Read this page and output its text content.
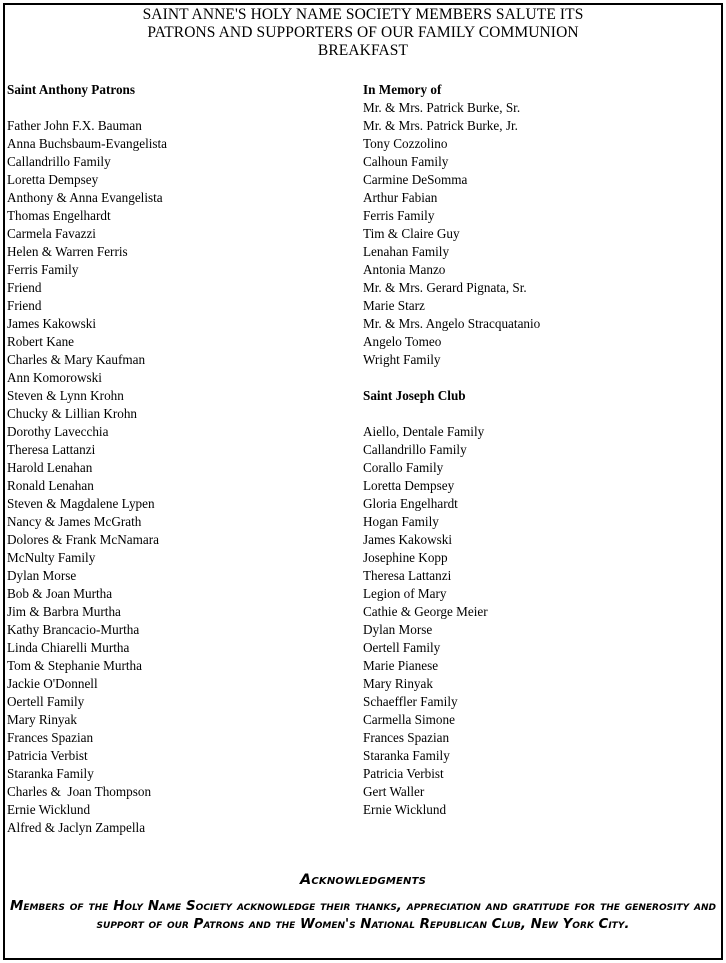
SAINT ANNE'S HOLY NAME SOCIETY MEMBERS SALUTE ITS
PATRONS AND SUPPORTERS OF OUR FAMILY COMMUNION
BREAKFAST
Saint Anthony Patrons
Father John F.X. Bauman
Anna Buchsbaum-Evangelista
Callandrillo Family
Loretta Dempsey
Anthony & Anna Evangelista
Thomas Engelhardt
Carmela Favazzi
Helen & Warren Ferris
Ferris Family
Friend
Friend
James Kakowski
Robert Kane
Charles & Mary Kaufman
Ann Komorowski
Steven & Lynn Krohn
Chucky & Lillian Krohn
Dorothy Lavecchia
Theresa Lattanzi
Harold Lenahan
Ronald Lenahan
Steven & Magdalene Lypen
Nancy & James McGrath
Dolores & Frank McNamara
McNulty Family
Dylan Morse
Bob & Joan Murtha
Jim & Barbra Murtha
Kathy Brancacio-Murtha
Linda Chiarelli Murtha
Tom & Stephanie Murtha
Jackie O'Donnell
Oertell Family
Mary Rinyak
Frances Spazian
Patricia Verbist
Staranka Family
Charles &  Joan Thompson
Ernie Wicklund
Alfred & Jaclyn Zampella
In Memory of
Mr. & Mrs. Patrick Burke, Sr.
Mr. & Mrs. Patrick Burke, Jr.
Tony Cozzolino
Calhoun Family
Carmine DeSomma
Arthur Fabian
Ferris Family
Tim & Claire Guy
Lenahan Family
Antonia Manzo
Mr. & Mrs. Gerard Pignata, Sr.
Marie Starz
Mr. & Mrs. Angelo Stracquatanio
Angelo Tomeo
Wright Family
Saint Joseph Club
Aiello, Dentale Family
Callandrillo Family
Corallo Family
Loretta Dempsey
Gloria Engelhardt
Hogan Family
James Kakowski
Josephine Kopp
Theresa Lattanzi
Legion of Mary
Cathie & George Meier
Dylan Morse
Oertell Family
Marie Pianese
Mary Rinyak
Schaeffler Family
Carmella Simone
Frances Spazian
Staranka Family
Patricia Verbist
Gert Waller
Ernie Wicklund
Acknowledgments
Members of the Holy Name Society acknowledge their thanks, appreciation and gratitude for the generosity and support of our Patrons and the Women's National Republican Club, New York City.
